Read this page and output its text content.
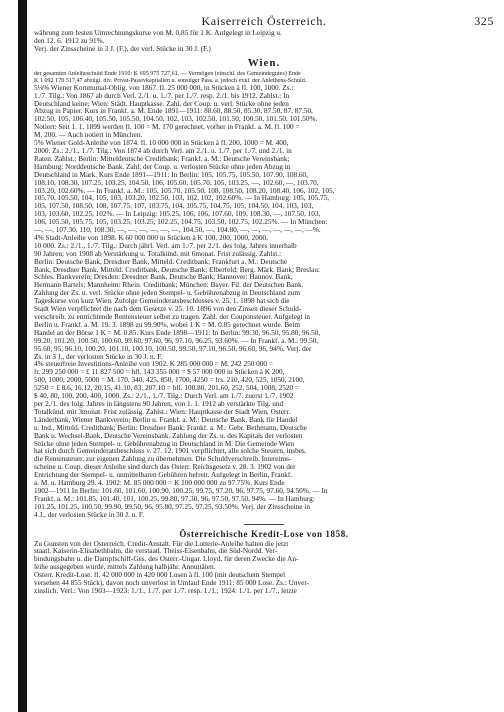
Kaiserreich Österreich.	325

währung zum festen Umrechnungskurse von M. 0,85 für 1 K. Aufgelegt in Leipzig u.

den 12. 6. 1912 zu 91%.

Verj. der Zinsscheine in 3 J. (F.), der verl. Stücke in 30 J. (F.)

Wien.

der gesamten Anleiheschuld Ende 1910: K 695 975 727,61. — Vermögen (einschl. des Gemeindegutes) Ende

K 1 092 170 517,47 abzügl. div. Privat-Passivkapitalien u. sonstiger Pass. a. jedoch exkl. der Anleihens-Schuld.

5⅛% Wiener Kommunal-Oblig. von 1867. fl. 25 000 000, in Stücken à fl. 100, 1000. Zs.:

1./7. Tilg.: Von 1867 ab durch Verl. 2./1. u. 1./7. per 1./7. resp. 2./1. bis 1912. Zahlst.: In

Deutschland keine; Wien: Städt. Hauptkasse. Zahl. der Coup. u. verl. Stücke ohne jeden

Abzug in Papier. Kurs in Frankf. a. M. Ende 1891—1911: 88.60, 88.50, 85.30, 87.50, 87, 87.50,

102.50, 105, 106.40, 105.50, 105.50, 104.50, 102, 103, 102.50, 101.50, 100.50, 101.50, 101.50%.

Notiert: Seit 1. 1. 1899 werden fl. 100 = M. 170 gerechnet, vorher in Frankf. a. M. fl. 100 =

M. 200. — Auch notiert in München.

5% Wiener Gold-Anleihe von 1874. fl. 10 000 000 in Stücken à fl. 200, 1000 = M. 400,

2000. Zs.: 2./1., 1./7. Tilg.: Von 1874 ab durch Verl. am 2./1. u. 1./7. per 1./7. und 2./1. in

Raten. Zahlst.: Berlin: Mitteldeutsche Creditbank; Frankf. a. M.: Deutsche Vereinsbank;

Hamburg: Norddeutsche Bank. Zahl. der Coup. u. verlosten Stücke ohne jeden Abzug in

Deutschland in Mark. Kurs Ende 1891—1911: In Berlin: 105, 105.75, 105.50, 107.90, 108.60,

108.10, 108.30, 107.25, 103.25, 104.50, 106, 105.60, 105.70, 105, 103.25, —, 102.60, —, 103.70,

103.20, 102.60%. — In Frankf. a. M.: 105, 105.70, 105.50, 108, 108.50, 108.20, 108.40, 106, 102, 105,

105.70, 105.50, 104, 105, 103, 103.20, 102.50, 103, 102, 102, 102.60%. — In Hamburg: 105, 105.75,

105, 107.50, 108.50, 108, 107.75, 107, 103.75, 104, 105.75, 104.75, 105, 104.50, 104, 103, 103,

103, 103.60, 102.25, 102%. — In Leipzig: 105.25, 106, 106, 107.60, 109, 108.30, —, 107.50, 103,

106, 105.50, 105.75, 105, 103.25, 103.25, 102.25, 104.75, 103.50, 102.75, 102.25%. — In München:

—, —, 107.30, 110, 108.30, —, —, —, —, —, —, 104.50, —, 104.80, —, —, —, —, —, —, —%.

4% Stadt-Anleihe von 1898. K 60 000 000 in Stücken à K 100, 200, 1000, 2000,

10 000. Zs.: 2./1., 1./7. Tilg.: Durch jährl. Verl. am 1./7. per 2./1. des folg. Jahres innerhalb

90 Jahren; von 1908 ab Verstärkung u. Totalkünd. mit 6monat. Frist zulässig. Zahlst.:

Berlin: Deutsche Bank, Dresdner Bank, Mitteld. Creditbank; Frankfurt a. M.: Deutsche

Bank, Dresdner Bank, Mitteld. Creditbank, Deutsche Bank; Elberfeld: Berg. Märk. Bank; Breslau:

Schles. Bankverein; Dresden: Dresdner Bank, Deutsche Bank; Hannover: Hannov. Bank,

Hermann Bartels; Mannheim: Rhein. Creditbank; München: Bayer. Fil. der Deutschen Bank.

Zahlung der Zs. u. verl. Stücke ohne jeden Stempel- u. Gebührenabzug in Deutschland zum

Tageskurse von kurz Wien. Zufolge Gemeinderatsbeschlusses v. 25. 1. 1898 hat sich die

Stadt Wien verpflichtet die nach dem Gesetze v. 25. 10. 1896 von den Zinsen dieser Schuld-

verschreib. zu entrichtende Rentensteuer selbst zu tragen. Zahl. der Couponsteuer. Aufgelegt in

Berlin u. Frankf. a. M. 19. 3. 1898 zu 99.90%, wobei 1 K = M. 0.85 gerechnet wurde. Beim

Handel an der Börse 1 K = M. 0.85. Kurs Ende 1898—1911: In Berlin: 99.30, 96.50, 95.80, 96.50,

99.20, 101.20, 100.50, 100.60, 99.60, 97.60, 96, 97.10, 96.25, 93.60%. — In Frankf. a. M.: 99.50,

95.60, 95, 96.10, 100.20, 101.10, 100.10, 100.50, 99.50, 97.10, 96.50, 96.60, 96, 94%. Verj. der

Zs. in 3 J., der verlosten Stücke in 30 J. n. F.

4% steuerfreie Investitions-Anleihe von 1902. K 285 000 000 = M. 242 250 000 =

fr. 299 250 000 = £ 11 827 500 = hfl. 143 355 000 = $ 57 000 000 in Stücken à K 200,

500, 1000, 2000, 5000 = M. 170, 340, 425, 850, 1700, 4250 = frs. 210, 420, 525, 1050, 2100,

5250 = £ 8.6, 16.12, 20.15, 41.10, 83, 207.10 = hfl. 100.80, 201.60, 252, 504, 1008, 2520 =

$ 40, 80, 100, 200, 400, 1000. Zs.: 2./1., 1./7. Tilg.: Durch Verl. am 1./7. zuerst 1./7. 1902

per 2./1. des folg. Jahres in längstens 90 Jahren, von 1. 1. 1912 ab verstärkte Tilg. und

Totalkünd. mit 3monat. Frist zulässig. Zahlst.: Wien: Hauptkasse der Stadt Wien, Österr.

Länderbank, Wiener Bankverein; Berlin u. Frankf. a. M.: Deutsche Bank, Bank für Handel

u. Ind., Mitteld. Creditbank; Berlin: Dresdner Bank; Frankf. a. M.: Gebr. Bethmann, Deutsche

Bank u. Wechsel-Bank, Deutsche Vereinsbank. Zahlung der Zs. u. des Kapitals der verlosten

Stücke ohne jeden Stempel- u. Gebührenabzug in Deutschland in M. Die Gemeinde Wien

hat sich durch Gemeinderatsbeschluss v. 27. 12. 1901 verpflichtet, alle solche Steuern, insbes.

die Rentensteuer, zur eigenen Zahlung zu übernehmen. Die Schuldverschreib. Intereims-

scheine u. Coup. dieser Anleihe sind durch das Österr. Reichsgesetz v. 28. 3. 1902 von der

Entrichtung der Stempel- u. unmittelbaren Gebühren befreit. Aufgelegt in Berlin, Frankf.

a. M. u. Hamburg 29. 4. 1902: M. 85 000 000 = K 100 000 000 zu 97.75%. Kurs Ende

1902—1911 In Berlin: 101.60, 101.60, 100.90, 100.25, 99.75, 97.20, 96, 97.75, 97.60, 94.50%. — In

Frankf. a. M.: 101.85, 101.40, 101, 100.25, 99.80, 97.30, 96, 97.50, 97.50, 94%. — In Hamburg:

101.25, 101.25, 100.50, 99.90, 99.50, 96, 95.80, 97.25, 97.25, 93.50%. Verj. der Zinsscheine in

4 J., der verlosten Stücke in 30 J. n. F.

Österreichische Kredit-Lose von 1858.

Zu Gunsten von der Österreich. Credit-Anstalt. Für die Lotterie-Anleihe haften die jetzt

staatl. Kaiserin-Elisabethbahn, die verstaatl. Theiss-Eisenbahn, die Süd-Nordd. Ver-

bindungsbahn u. die Dampfschiff-Ges. des Österr.-Ungar. Lloyd, für deren Zwecke die An-

leihe ausgegeben wurde, mittels Zahlung halbjähr. Annuitäten.

Österr. Kredit-Lose. fl. 42 000 000 in 420 000 Losen à fl. 100 (mit deutschem Stempel

versehen 44 855 Stück), davon noch unverlost in Umlauf Ende 1911: 85 000 Lose. Zs.: Unver-

zinslich. Verl.: Von 1903—1923: 1./1., 1./7. per 1./7. resp. 1./1.; 1924: 1./1. per 1./7., letzte
